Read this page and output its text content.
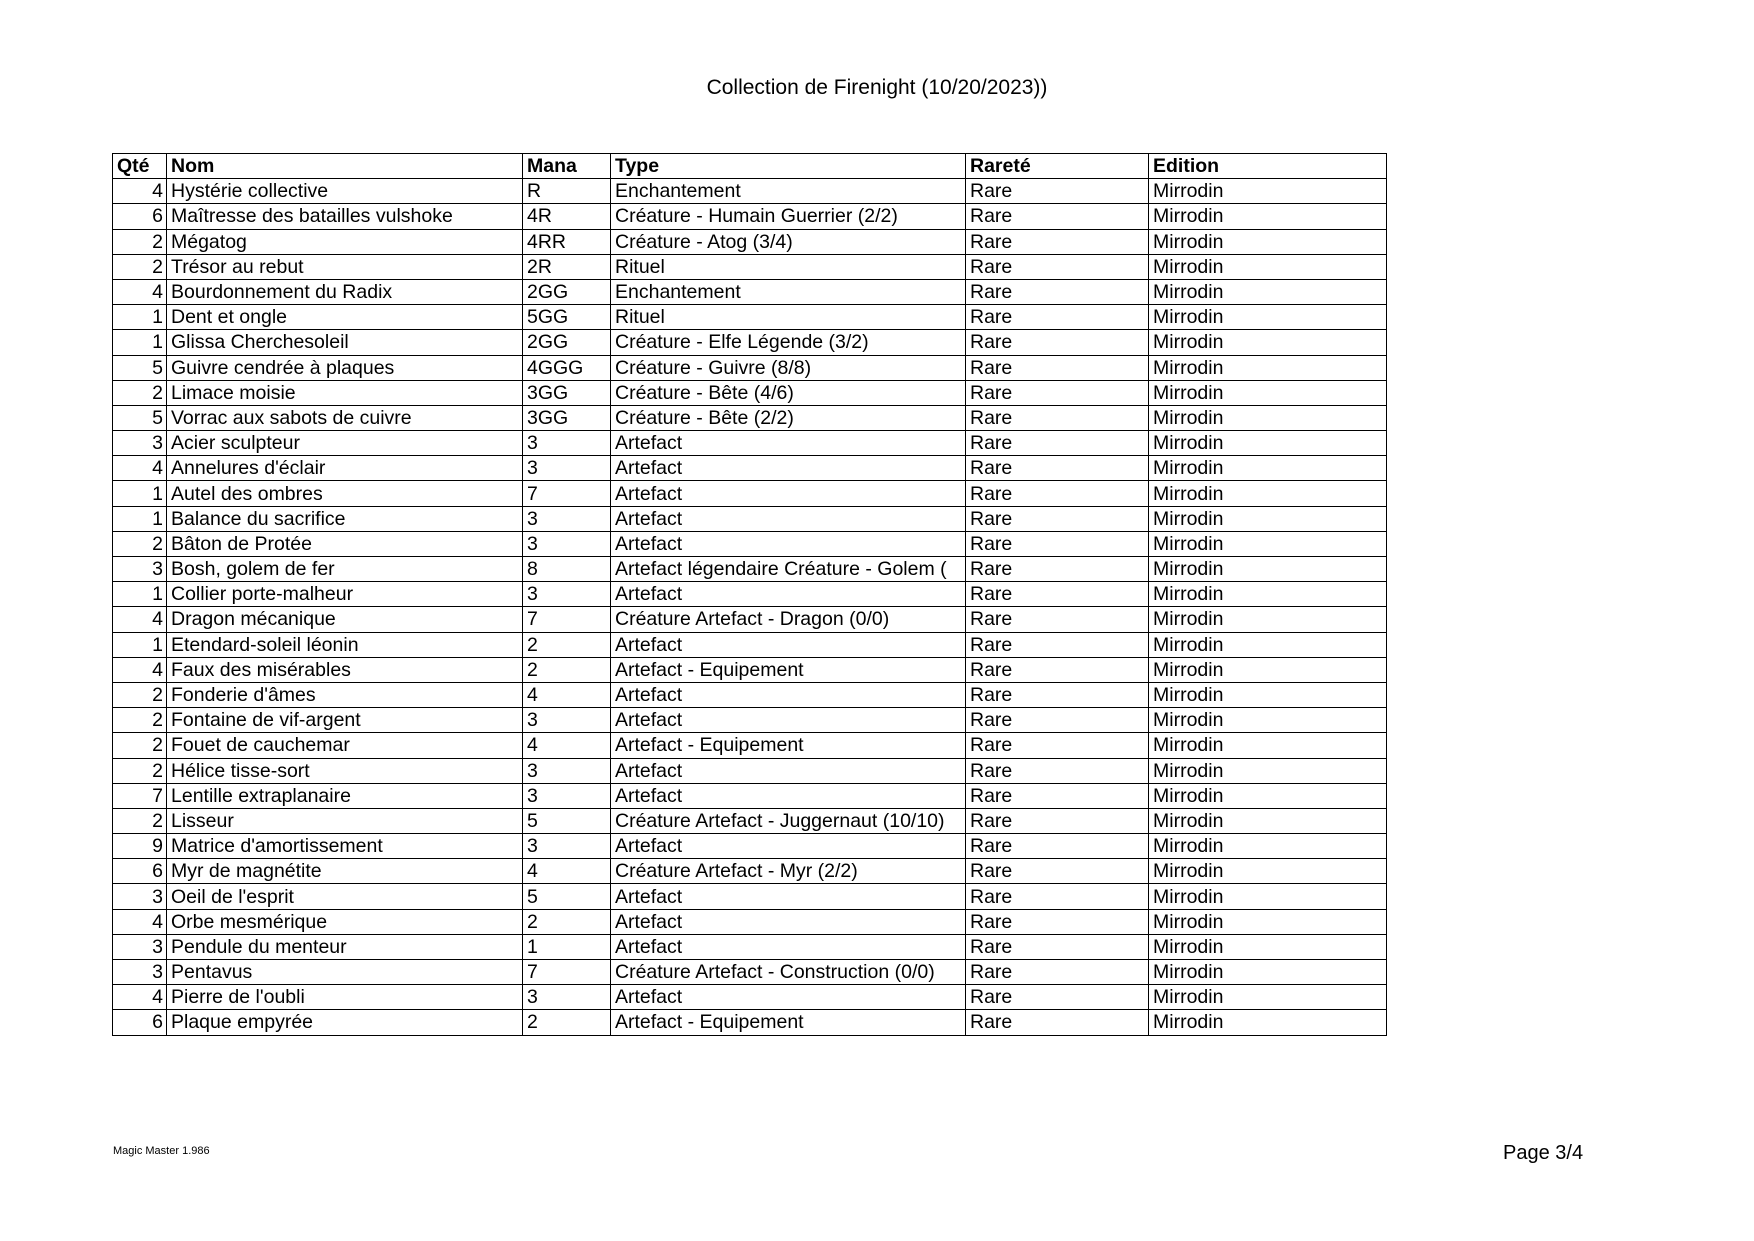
Collection de Firenight (10/20/2023))
Qté	Nom	Mana	Type	Rareté	Edition
4	Hystérie collective	R	Enchantement	Rare	Mirrodin
6	Maîtresse des batailles vulshoke	4R	Créature - Humain Guerrier (2/2)	Rare	Mirrodin
2	Mégatog	4RR	Créature - Atog (3/4)	Rare	Mirrodin
2	Trésor au rebut	2R	Rituel	Rare	Mirrodin
4	Bourdonnement du Radix	2GG	Enchantement	Rare	Mirrodin
1	Dent et ongle	5GG	Rituel	Rare	Mirrodin
1	Glissa Cherchesoleil	2GG	Créature - Elfe Légende (3/2)	Rare	Mirrodin
5	Guivre cendrée à plaques	4GGG	Créature - Guivre (8/8)	Rare	Mirrodin
2	Limace moisie	3GG	Créature - Bête (4/6)	Rare	Mirrodin
5	Vorrac aux sabots de cuivre	3GG	Créature - Bête (2/2)	Rare	Mirrodin
3	Acier sculpteur	3	Artefact	Rare	Mirrodin
4	Annelures d'éclair	3	Artefact	Rare	Mirrodin
1	Autel des ombres	7	Artefact	Rare	Mirrodin
1	Balance du sacrifice	3	Artefact	Rare	Mirrodin
2	Bâton de Protée	3	Artefact	Rare	Mirrodin
3	Bosh, golem de fer	8	Artefact légendaire Créature - Golem (	Rare	Mirrodin
1	Collier porte-malheur	3	Artefact	Rare	Mirrodin
4	Dragon mécanique	7	Créature Artefact - Dragon (0/0)	Rare	Mirrodin
1	Etendard-soleil léonin	2	Artefact	Rare	Mirrodin
4	Faux des misérables	2	Artefact - Equipement	Rare	Mirrodin
2	Fonderie d'âmes	4	Artefact	Rare	Mirrodin
2	Fontaine de vif-argent	3	Artefact	Rare	Mirrodin
2	Fouet de cauchemar	4	Artefact - Equipement	Rare	Mirrodin
2	Hélice tisse-sort	3	Artefact	Rare	Mirrodin
7	Lentille extraplanaire	3	Artefact	Rare	Mirrodin
2	Lisseur	5	Créature Artefact - Juggernaut (10/10)	Rare	Mirrodin
9	Matrice d'amortissement	3	Artefact	Rare	Mirrodin
6	Myr de magnétite	4	Créature Artefact - Myr (2/2)	Rare	Mirrodin
3	Oeil de l'esprit	5	Artefact	Rare	Mirrodin
4	Orbe mesmérique	2	Artefact	Rare	Mirrodin
3	Pendule du menteur	1	Artefact	Rare	Mirrodin
3	Pentavus	7	Créature Artefact - Construction (0/0)	Rare	Mirrodin
4	Pierre de l'oubli	3	Artefact	Rare	Mirrodin
6	Plaque empyrée	2	Artefact - Equipement	Rare	Mirrodin
Magic Master 1.986	Page 3/4
